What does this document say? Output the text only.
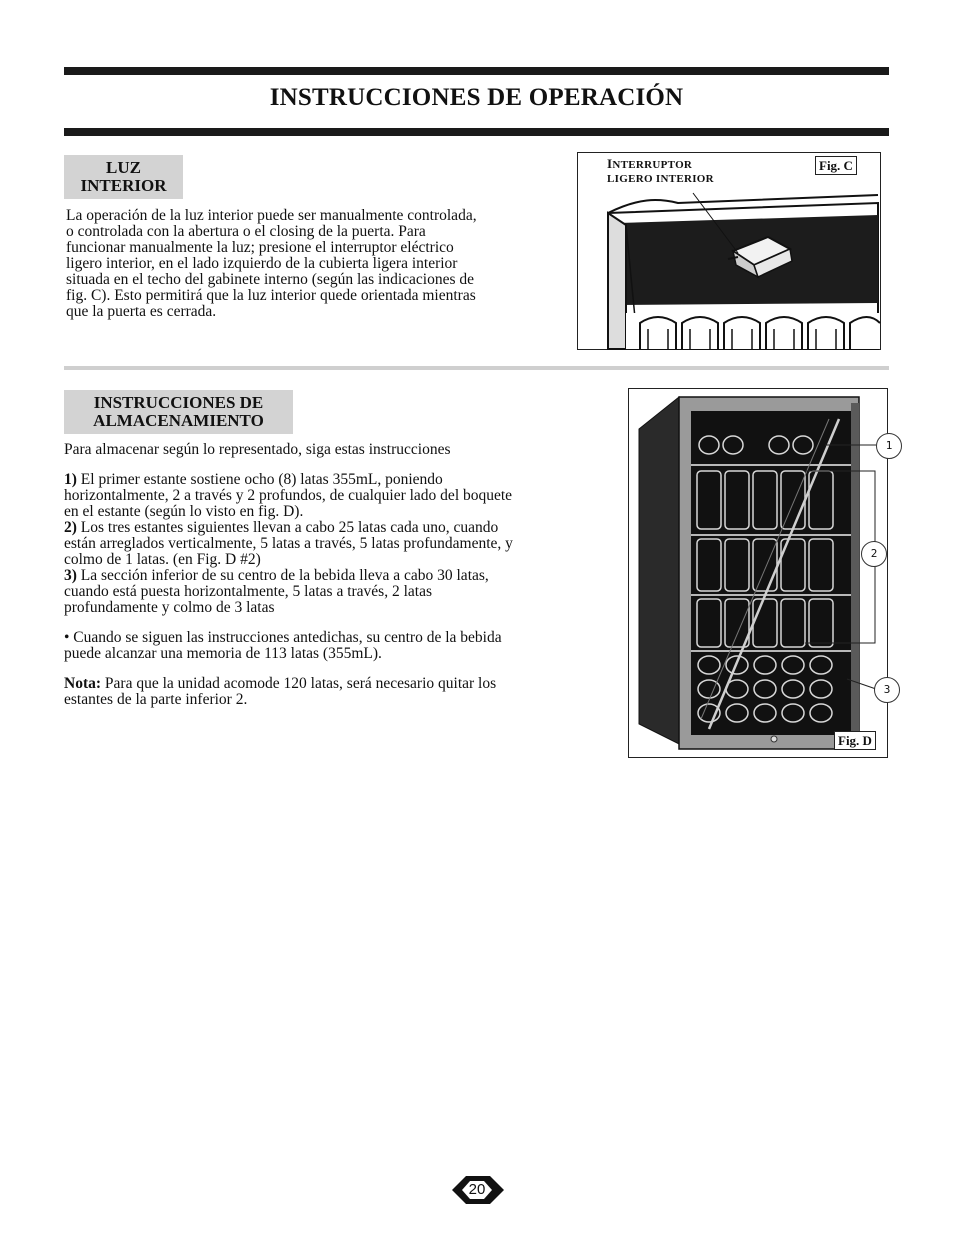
INSTRUCCIONES DE OPERACIÓN
LUZ
INTERIOR

La operación de la luz interior puede ser manualmente controlada,

o controlada con la abertura o el closing de la puerta. Para

funcionar manualmente la luz; presione el interruptor eléctrico

ligero interior, en el lado izquierdo de la cubierta ligera interior

situada en el techo del gabinete interno (según las indicaciones de

fig. C). Esto permitirá que la luz interior quede orientada mientras

que la puerta es cerrada.

INTERRUPTOR
LIGERO INTERIOR
Fig. C
INSTRUCCIONES DE
ALMACENAMIENTO

Para almacenar según lo representado, siga estas instrucciones

1) El primer estante sostiene ocho (8) latas 355mL, poniendo

horizontalmente, 2 a través y 2 profundos, de cualquier lado del boquete

en el estante (según lo visto en fig. D).

2) Los tres estantes siguientes llevan a cabo 25 latas cada uno, cuando

están arreglados verticalmente, 5 latas a través, 5 latas profundamente, y

colmo de 1 latas. (en Fig. D #2)

3) La sección inferior de su centro de la bebida lleva a cabo 30 latas,

cuando está puesta horizontalmente, 5 latas a través, 2 latas

profundamente y colmo de 3 latas

• Cuando se siguen las instrucciones antedichas, su centro de la bebida

puede alcanzar una memoria de 113 latas (355mL).

Nota: Para que la unidad acomode 120 latas, será necesario quitar los

estantes de la parte inferior 2.

1
2
3
Fig. D
20
